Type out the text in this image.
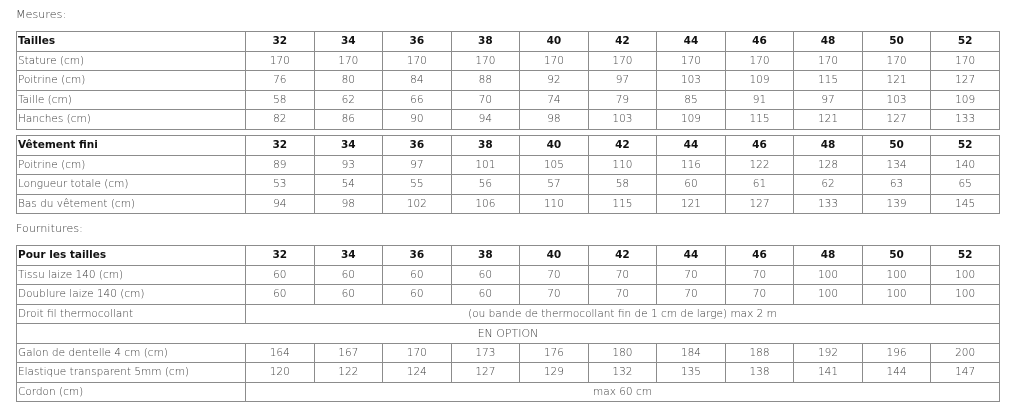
Mesures:
Tailles	32	34	36	38	40	42	44	46	48	50	52
Stature (cm)	170	170	170	170	170	170	170	170	170	170	170
Poitrine (cm)	76	80	84	88	92	97	103	109	115	121	127
Taille (cm)	58	62	66	70	74	79	85	91	97	103	109
Hanches (cm)	82	86	90	94	98	103	109	115	121	127	133
Vêtement fini	32	34	36	38	40	42	44	46	48	50	52
Poitrine (cm)	89	93	97	101	105	110	116	122	128	134	140
Longueur totale (cm)	53	54	55	56	57	58	60	61	62	63	65
Bas du vêtement (cm)	94	98	102	106	110	115	121	127	133	139	145
Fournitures:
Pour les tailles	32	34	36	38	40	42	44	46	48	50	52
Tissu laize 140 (cm)	60	60	60	60	70	70	70	70	100	100	100
Doublure laize 140 (cm)	60	60	60	60	70	70	70	70	100	100	100
Droit fil thermocollant	(ou bande de thermocollant fin de 1 cm de large) max 2 m										
EN OPTION											
Galon de dentelle 4 cm (cm)	164	167	170	173	176	180	184	188	192	196	200
Elastique transparent 5mm (cm)	120	122	124	127	129	132	135	138	141	144	147
Cordon (cm)	max 60 cm										
